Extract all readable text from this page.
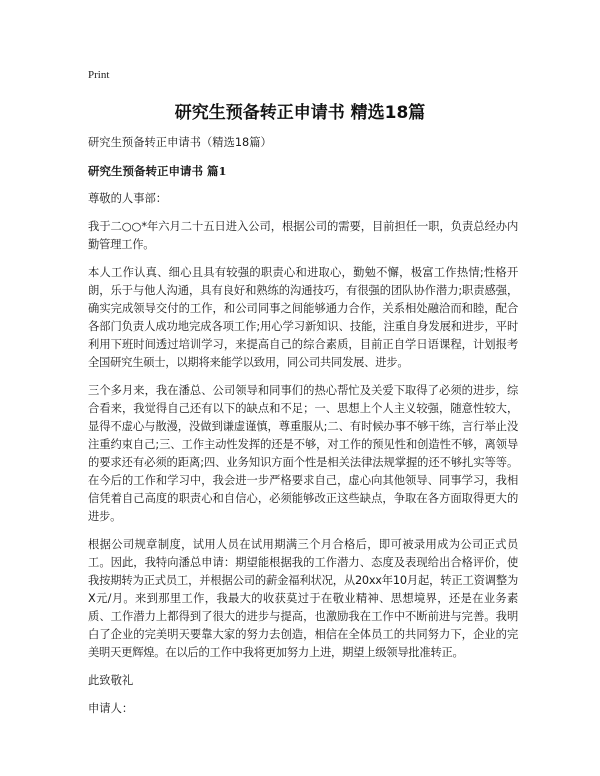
Print
研究生预备转正申请书 精选18篇

研究生预备转正申请书（精选18篇）

研究生预备转正申请书 篇1

尊敬的人事部：

我于二○○*年六月二十五日进入公司，根据公司的需要，目前担任一职，负责总经办内勤管理工作。

本人工作认真、细心且具有较强的职责心和进取心，勤勉不懈，极富工作热情;性格开朗，乐于与他人沟通，具有良好和熟练的沟通技巧，有很强的团队协作潜力;职责感强，确实完成领导交付的工作，和公司同事之间能够通力合作，关系相处融洽而和睦，配合各部门负责人成功地完成各项工作;用心学习新知识、技能，注重自身发展和进步，平时利用下班时间透过培训学习，来提高自己的综合素质，目前正自学日语课程，计划报考全国研究生硕士，以期将来能学以致用，同公司共同发展、进步。

三个多月来，我在潘总、公司领导和同事们的热心帮忙及关爱下取得了必须的进步，综合看来，我觉得自己还有以下的缺点和不足；一、思想上个人主义较强，随意性较大，显得不虚心与散漫，没做到谦虚谨慎，尊重服从;二、有时候办事不够干练，言行举止没注重约束自己;三、工作主动性发挥的还是不够，对工作的预见性和创造性不够，离领导的要求还有必须的距离;四、业务知识方面个性是相关法律法规掌握的还不够扎实等等。在今后的工作和学习中，我会进一步严格要求自己，虚心向其他领导、同事学习，我相信凭着自己高度的职责心和自信心，必须能够改正这些缺点，争取在各方面取得更大的进步。

根据公司规章制度，试用人员在试用期满三个月合格后，即可被录用成为公司正式员工。因此，我特向潘总申请：期望能根据我的工作潜力、态度及表现给出合格评价，使我按期转为正式员工，并根据公司的薪金福利状况，从20xx年10月起，转正工资调整为X元/月。来到那里工作，我最大的收获莫过于在敬业精神、思想境界，还是在业务素质、工作潜力上都得到了很大的进步与提高，也激励我在工作中不断前进与完善。我明白了企业的完美明天要靠大家的努力去创造，相信在全体员工的共同努力下，企业的完美明天更辉煌。在以后的工作中我将更加努力上进，期望上级领导批准转正。

此致敬礼

申请人：
